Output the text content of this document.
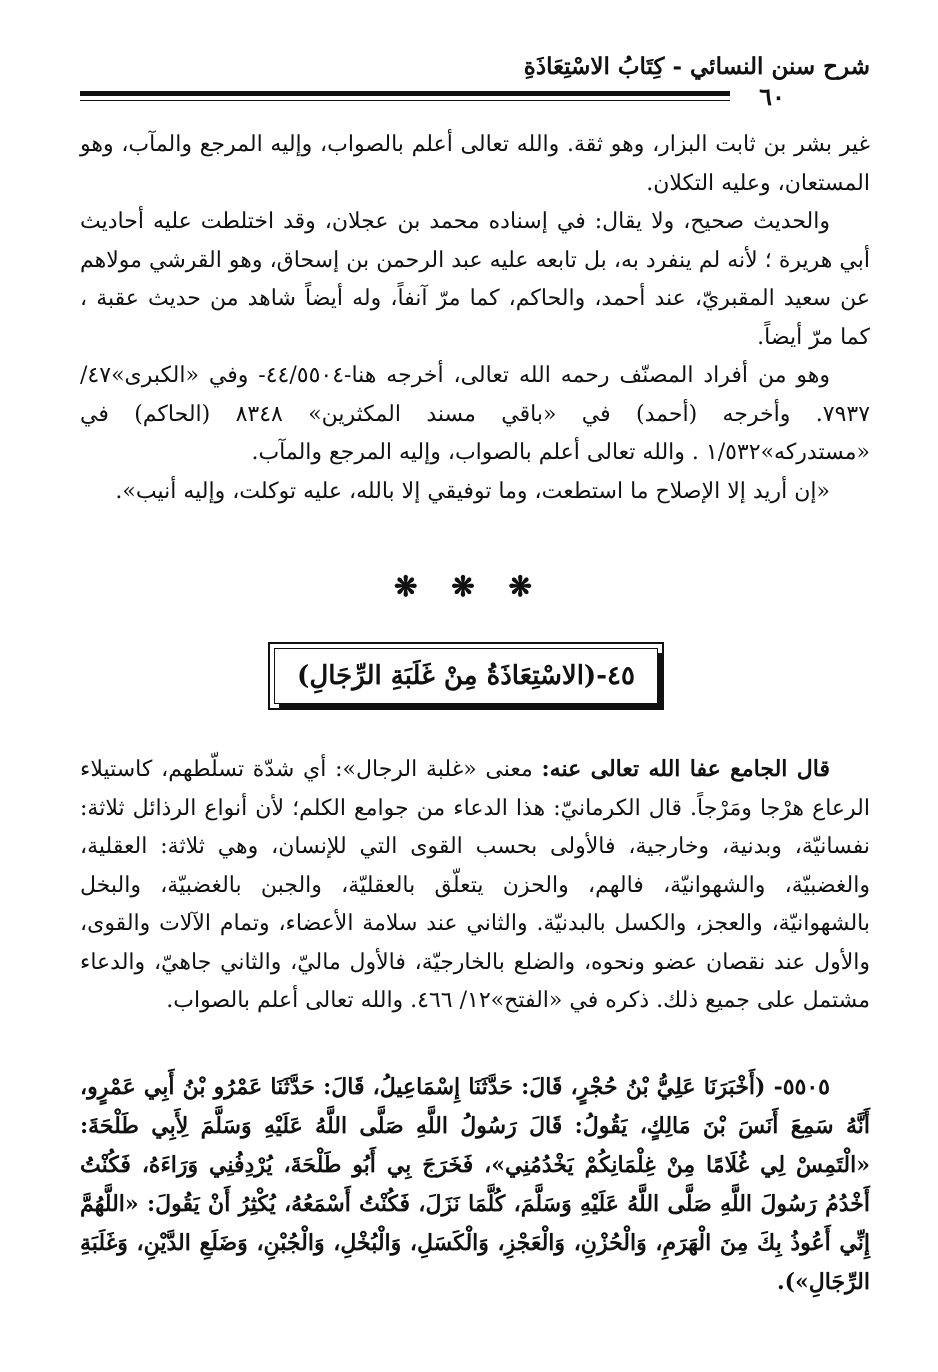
شرح سنن النسائي - كِتَابُ الاسْتِعَاذَةِ
٦٠

غير بشر بن ثابت البزار، وهو ثقة. والله تعالى أعلم بالصواب، وإليه المرجع والمآب، وهو المستعان، وعليه التكلان.

والحديث صحيح، ولا يقال: في إسناده محمد بن عجلان، وقد اختلطت عليه أحاديث أبي هريرة ؛ لأنه لم ينفرد به، بل تابعه عليه عبد الرحمن بن إسحاق، وهو القرشي مولاهم عن سعيد المقبريّ، عند أحمد، والحاكم، كما مرّ آنفاً، وله أيضاً شاهد من حديث عقبة ، كما مرّ أيضاً.

وهو من أفراد المصنّف رحمه الله تعالى، أخرجه هنا-٤٤/٥٥٠٤- وفي «الكبرى»٤٧/ ٧٩٣٧. وأخرجه (أحمد) في «باقي مسند المكثرين» ٨٣٤٨ (الحاكم) في «مستدركه»١/٥٣٢ . والله تعالى أعلم بالصواب، وإليه المرجع والمآب.

«إن أريد إلا الإصلاح ما استطعت، وما توفيقي إلا بالله، عليه توكلت، وإليه أنيب».

❋ ❋ ❋
٤٥-(الاسْتِعَاذَةُ مِنْ غَلَبَةِ الرِّجَالِ)

قال الجامع عفا الله تعالى عنه: معنى «غلبة الرجال»: أي شدّة تسلّطهم، كاستيلاء الرعاع هرْجا ومَرْجاً. قال الكرمانيّ: هذا الدعاء من جوامع الكلم؛ لأن أنواع الرذائل ثلاثة: نفسانيّة، وبدنية، وخارجية، فالأولى بحسب القوى التي للإنسان، وهي ثلاثة: العقلية، والغضبيّة، والشهوانيّة، فالهم، والحزن يتعلّق بالعقليّة، والجبن بالغضبيّة، والبخل بالشهوانيّة، والعجز، والكسل بالبدنيّة. والثاني عند سلامة الأعضاء، وتمام الآلات والقوى، والأول عند نقصان عضو ونحوه، والضلع بالخارجيّة، فالأول ماليّ، والثاني جاهيّ، والدعاء مشتمل على جميع ذلك. ذكره في «الفتح»١٢/ ٤٦٦. والله تعالى أعلم بالصواب.

٥٥٠٥- (أَخْبَرَنَا عَلِيُّ بْنُ حُجْرٍ، قَالَ: حَدَّثَنَا إِسْمَاعِيلُ، قَالَ: حَدَّثَنَا عَمْرُو بْنُ أَبِي عَمْرٍو، أَنَّهُ سَمِعَ أَنَسَ بْنَ مَالِكٍ، يَقُولُ: قَالَ رَسُولُ اللَّهِ صَلَّى اللَّهُ عَلَيْهِ وَسَلَّمَ لِأَبِي طَلْحَةَ: «الْتَمِسْ لِي غُلَامًا مِنْ غِلْمَانِكُمْ يَخْدُمُنِي»، فَخَرَجَ بِي أَبُو طَلْحَةَ، يُرْدِفُنِي وَرَاءَهُ، فَكُنْتُ أَخْدُمُ رَسُولَ اللَّهِ صَلَّى اللَّهُ عَلَيْهِ وَسَلَّمَ، كُلَّمَا نَزَلَ، فَكُنْتُ أَسْمَعُهُ، يُكْثِرُ أَنْ يَقُولَ: «اللَّهُمَّ إِنِّي أَعُوذُ بِكَ مِنَ الْهَرَمِ، وَالْحُزْنِ، وَالْعَجْزِ، وَالْكَسَلِ، وَالْبُخْلِ، وَالْجُبْنِ، وَضَلَعِ الدَّيْنِ، وَغَلَبَةِ الرِّجَالِ»).
